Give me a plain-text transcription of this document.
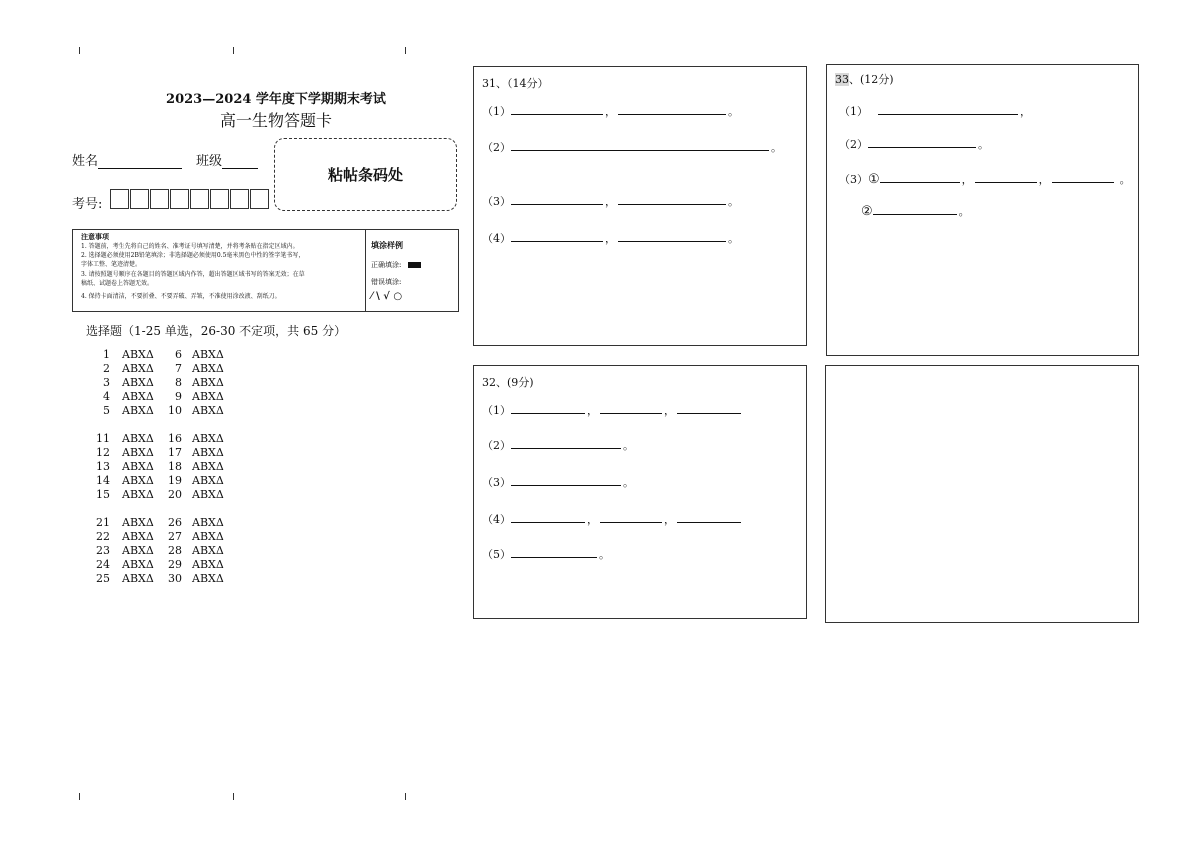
2023—2024 学年度下学期期末考试
高一生物答题卡
姓名	班级
考号:
粘帖条码处
注意事项
1. 答题前，考生先将自己的姓名、准考证号填写清楚，并将考条贴在指定区域内。
2. 选择题必须使用2B铅笔填涂；非选择题必须使用0.5毫米黑色中性的签字笔书写，
字体工整、笔迹清楚。
3. 请按照题号顺序在各题目的答题区域内作答，超出答题区域书写的答案无效；在草
稿纸、试题卷上答题无效。
4. 保持卡面清洁，不要折叠、不要弄破、弄皱，不准使用涂改液、刮纸刀。
填涂样例
正确填涂:
错误填涂:
⁄ \ √ ○
选择题（1-25 单选，26-30 不定项，共 65 分）
1 ABXΔ	6 ABXΔ
2 ABXΔ	7 ABXΔ
3 ABXΔ	8 ABXΔ
4 ABXΔ	9 ABXΔ
5 ABXΔ	10 ABXΔ
11 ABXΔ	16 ABXΔ
12 ABXΔ	17 ABXΔ
13 ABXΔ	18 ABXΔ
14 ABXΔ	19 ABXΔ
15 ABXΔ	20 ABXΔ
21 ABXΔ	26 ABXΔ
22 ABXΔ	27 ABXΔ
23 ABXΔ	28 ABXΔ
24 ABXΔ	29 ABXΔ
25 ABXΔ	30 ABXΔ
31、（14分）
（1）	，	。
（2）	。
（3）	，	。
（4）	，	。
32、(9分)
（1）	，	，
（2）	。
（3）	。
（4）	，	，
（5）	。
33、(12分)
（1）	，
（2）	。
（3）①	，	，	。
②	。
